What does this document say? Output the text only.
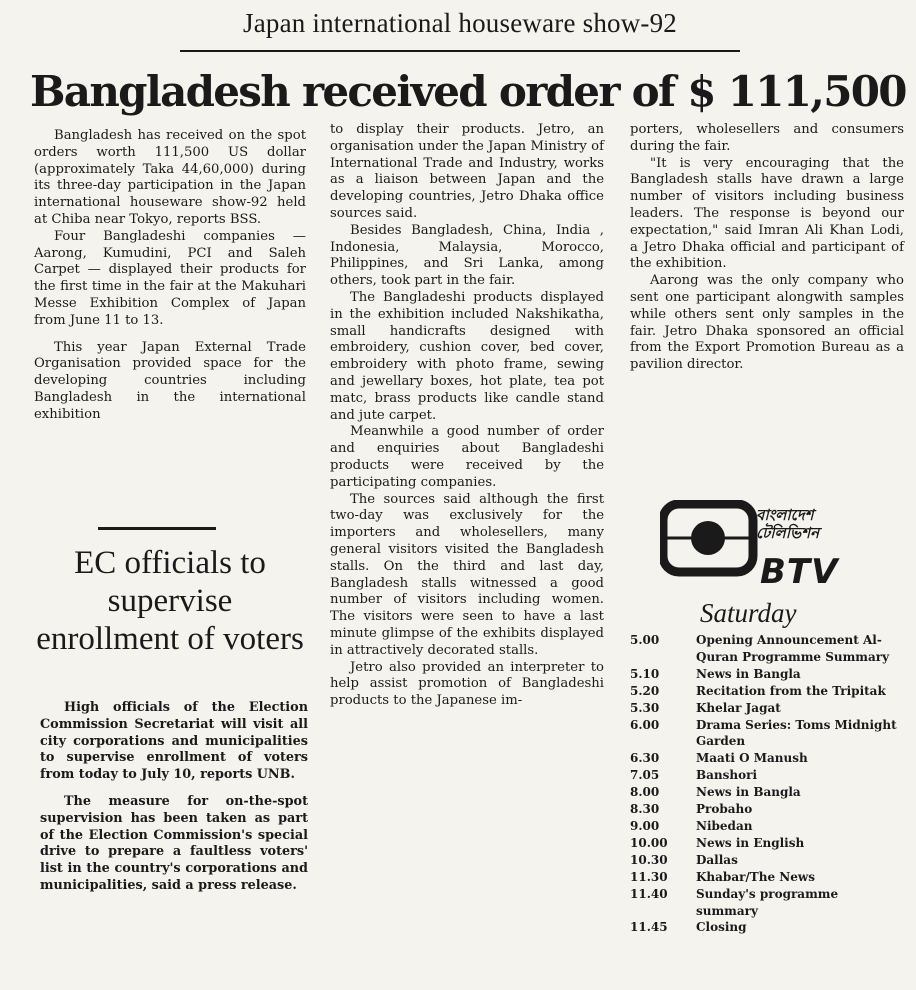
Japan international houseware show-92
Bangladesh received order of $ 111,500

Bangladesh has received on the spot orders worth 111,500 US dollar (approximately Taka 44,60,000) during its three-day participation in the Japan international houseware show-92 held at Chiba near Tokyo, reports BSS.

Four Bangladeshi companies — Aarong, Kumudini, PCI and Saleh Carpet — displayed their products for the first time in the fair at the Makuhari Messe Exhibition Complex of Japan from June 11 to 13.

This year Japan External Trade Organisation provided space for the developing countries including Bangladesh in the international exhibition

to display their products. Jetro, an organisation under the Japan Ministry of International Trade and Industry, works as a liaison between Japan and the developing countries, Jetro Dhaka office sources said.

Besides Bangladesh, China, India , Indonesia, Malaysia, Morocco, Philippines, and Sri Lanka, among others, took part in the fair.

The Bangladeshi products displayed in the exhibition included Nakshikatha, small handicrafts designed with embroidery, cushion cover, bed cover, embroidery with photo frame, sewing and jewellary boxes, hot plate, tea pot matc, brass products like candle stand and jute carpet.

Meanwhile a good number of order and enquiries about Bangladeshi products were received by the participating companies.

The sources said although the first two-day was exclusively for the importers and wholesellers, many general visitors visited the Bangladesh stalls. On the third and last day, Bangladesh stalls witnessed a good number of visitors including women. The visitors were seen to have a last minute glimpse of the exhibits displayed in attractively decorated stalls.

Jetro also provided an interpreter to help assist promotion of Bangladeshi products to the Japanese im-

porters, wholesellers and consumers during the fair.

"It is very encouraging that the Bangladesh stalls have drawn a large number of visitors including business leaders. The response is beyond our expectation," said Imran Ali Khan Lodi, a Jetro Dhaka official and participant of the exhibition.

Aarong was the only company who sent one participant alongwith samples while others sent only samples in the fair. Jetro Dhaka sponsored an official from the Export Promotion Bureau as a pavilion director.

EC officials to supervise enrollment of voters

High officials of the Election Commission Secretariat will visit all city corporations and municipalities to supervise enrollment of voters from today to July 10, reports UNB.

The measure for on-the-spot supervision has been taken as part of the Election Commission's special drive to prepare a faultless voters' list in the country's corporations and municipalities, said a press release.

বাংলাদেশ টেলিভিশন
BTV
Saturday
5.00	Opening Announcement Al-Quran Programme Summary
5.10	News in Bangla
5.20	Recitation from the Tripitak
5.30	Khelar Jagat
6.00	Drama Series: Toms Midnight Garden
6.30	Maati O Manush
7.05	Banshori
8.00	News in Bangla
8.30	Probaho
9.00	Nibedan
10.00	News in English
10.30	Dallas
11.30	Khabar/The News
11.40	Sunday's programme summary
11.45	Closing
